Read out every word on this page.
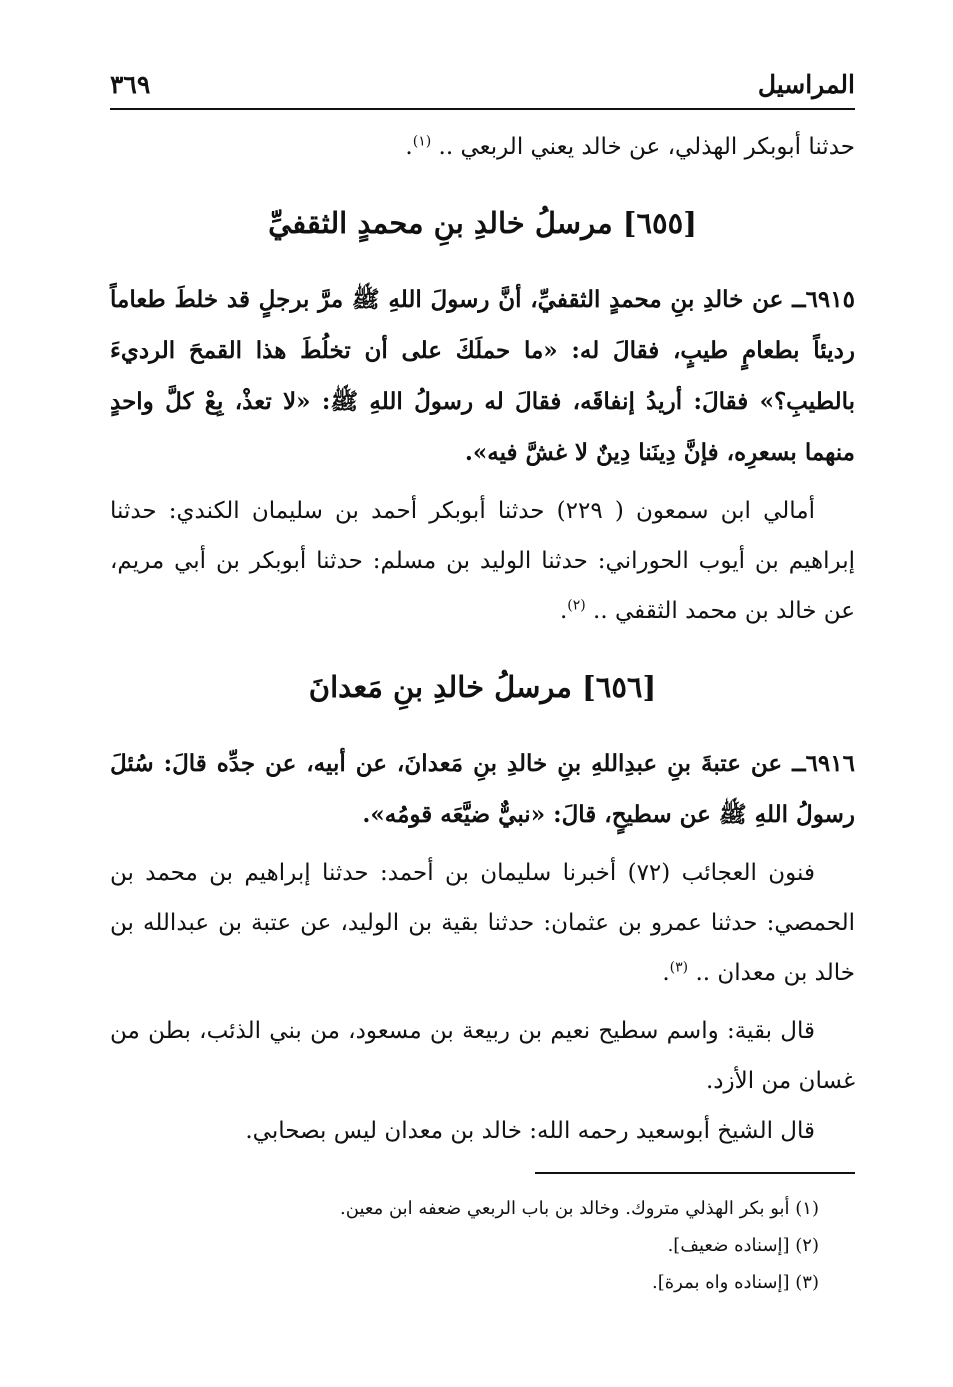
المراسيل
٣٦٩

حدثنا أبوبكر الهذلي، عن خالد يعني الربعي .. $^{(١)}$.

[٦٥٥] مرسلُ خالدِ بنِ محمدٍ الثقفيِّ

٦٩١٥ــ عن خالدِ بنِ محمدٍ الثقفيِّ، أنَّ رسولَ اللهِ ﷺ مرَّ برجلٍ قد خلطَ طعاماً رديئاً بطعامٍ طيبٍ، فقالَ له: «ما حملَكَ على أن تخلُطَ هذا القمحَ الرديءَ بالطيبِ؟» فقالَ: أريدُ إنفاقَه، فقالَ له رسولُ اللهِ ﷺ: «لا تعذْ، بِعْ كلَّ واحدٍ منهما بسعرِه، فإنَّ دِينَنا دِينٌ لا غشَّ فيه».

أمالي ابن سمعون ( ٢٢٩) حدثنا أبوبكر أحمد بن سليمان الكندي: حدثنا إبراهيم بن أيوب الحوراني: حدثنا الوليد بن مسلم: حدثنا أبوبكر بن أبي مريم، عن خالد بن محمد الثقفي .. $^{(٢)}$.

[٦٥٦] مرسلُ خالدِ بنِ مَعدانَ

٦٩١٦ــ عن عتبةَ بنِ عبدِاللهِ بنِ خالدِ بنِ مَعدانَ، عن أبيه، عن جدِّه قالَ: سُئلَ رسولُ اللهِ ﷺ عن سطيحٍ، قالَ: «نبيٌّ ضيَّعَه قومُه».

فنون العجائب (٧٢) أخبرنا سليمان بن أحمد: حدثنا إبراهيم بن محمد بن الحمصي: حدثنا عمرو بن عثمان: حدثنا بقية بن الوليد، عن عتبة بن عبدالله بن خالد بن معدان .. $^{(٣)}$.

قال بقية: واسم سطيح نعيم بن ربيعة بن مسعود، من بني الذئب، بطن من غسان من الأزد.

قال الشيخ أبوسعيد رحمه الله: خالد بن معدان ليس بصحابي.

(١) أبو بكر الهذلي متروك. وخالد بن باب الربعي ضعفه ابن معين.
(٢) [إسناده ضعيف].
(٣) [إسناده واه بمرة].
